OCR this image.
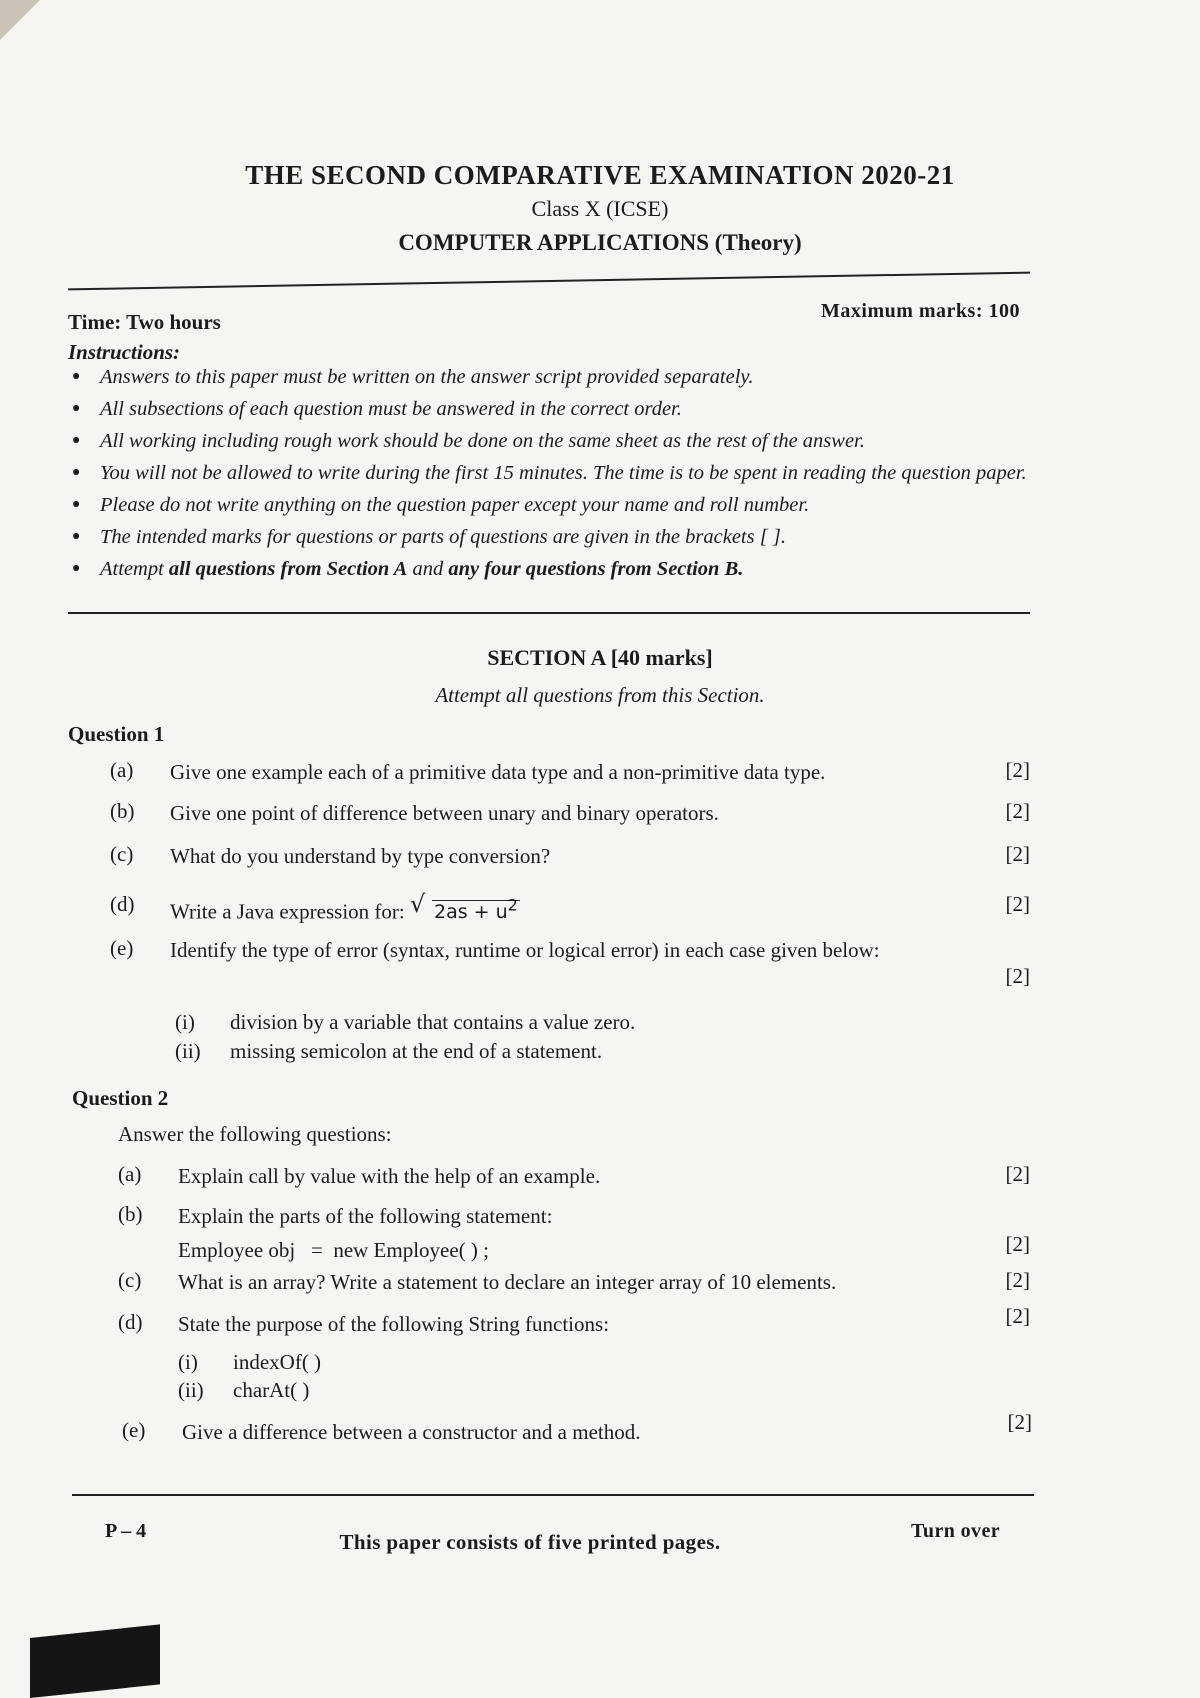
THE SECOND COMPARATIVE EXAMINATION 2020-21
Class X (ICSE)
COMPUTER APPLICATIONS (Theory)
Time: Two hours	Maximum marks: 100
Instructions:
● Answers to this paper must be written on the answer script provided separately.
● All subsections of each question must be answered in the correct order.
● All working including rough work should be done on the same sheet as the rest of the answer.
● You will not be allowed to write during the first 15 minutes. The time is to be spent in reading the question paper.
● Please do not write anything on the question paper except your name and roll number.
● The intended marks for questions or parts of questions are given in the brackets [ ].
● Attempt all questions from Section A and any four questions from Section B.
SECTION A [40 marks]
Attempt all questions from this Section.
Question 1
(a)	Give one example each of a primitive data type and a non-primitive data type.	[2]
(b)	Give one point of difference between unary and binary operators.	[2]
(c)	What do you understand by type conversion?	[2]
(d)	Write a Java expression for: √ $2as + u^2$	[2]
(e)	Identify the type of error (syntax, runtime or logical error) in each case given below:
[2]
(i) division by a variable that contains a value zero.
(ii) missing semicolon at the end of a statement.
Question 2
Answer the following questions:
(a)	Explain call by value with the help of an example.	[2]
(b)	Explain the parts of the following statement:
Employee obj   =  new Employee( ) ;	[2]
(c)	What is an array? Write a statement to declare an integer array of 10 elements.	[2]
(d)	State the purpose of the following String functions:	[2]
(i) indexOf( )
(ii) charAt( )
(e)	Give a difference between a constructor and a method.	[2]
P – 4	This paper consists of five printed pages.	Turn over
